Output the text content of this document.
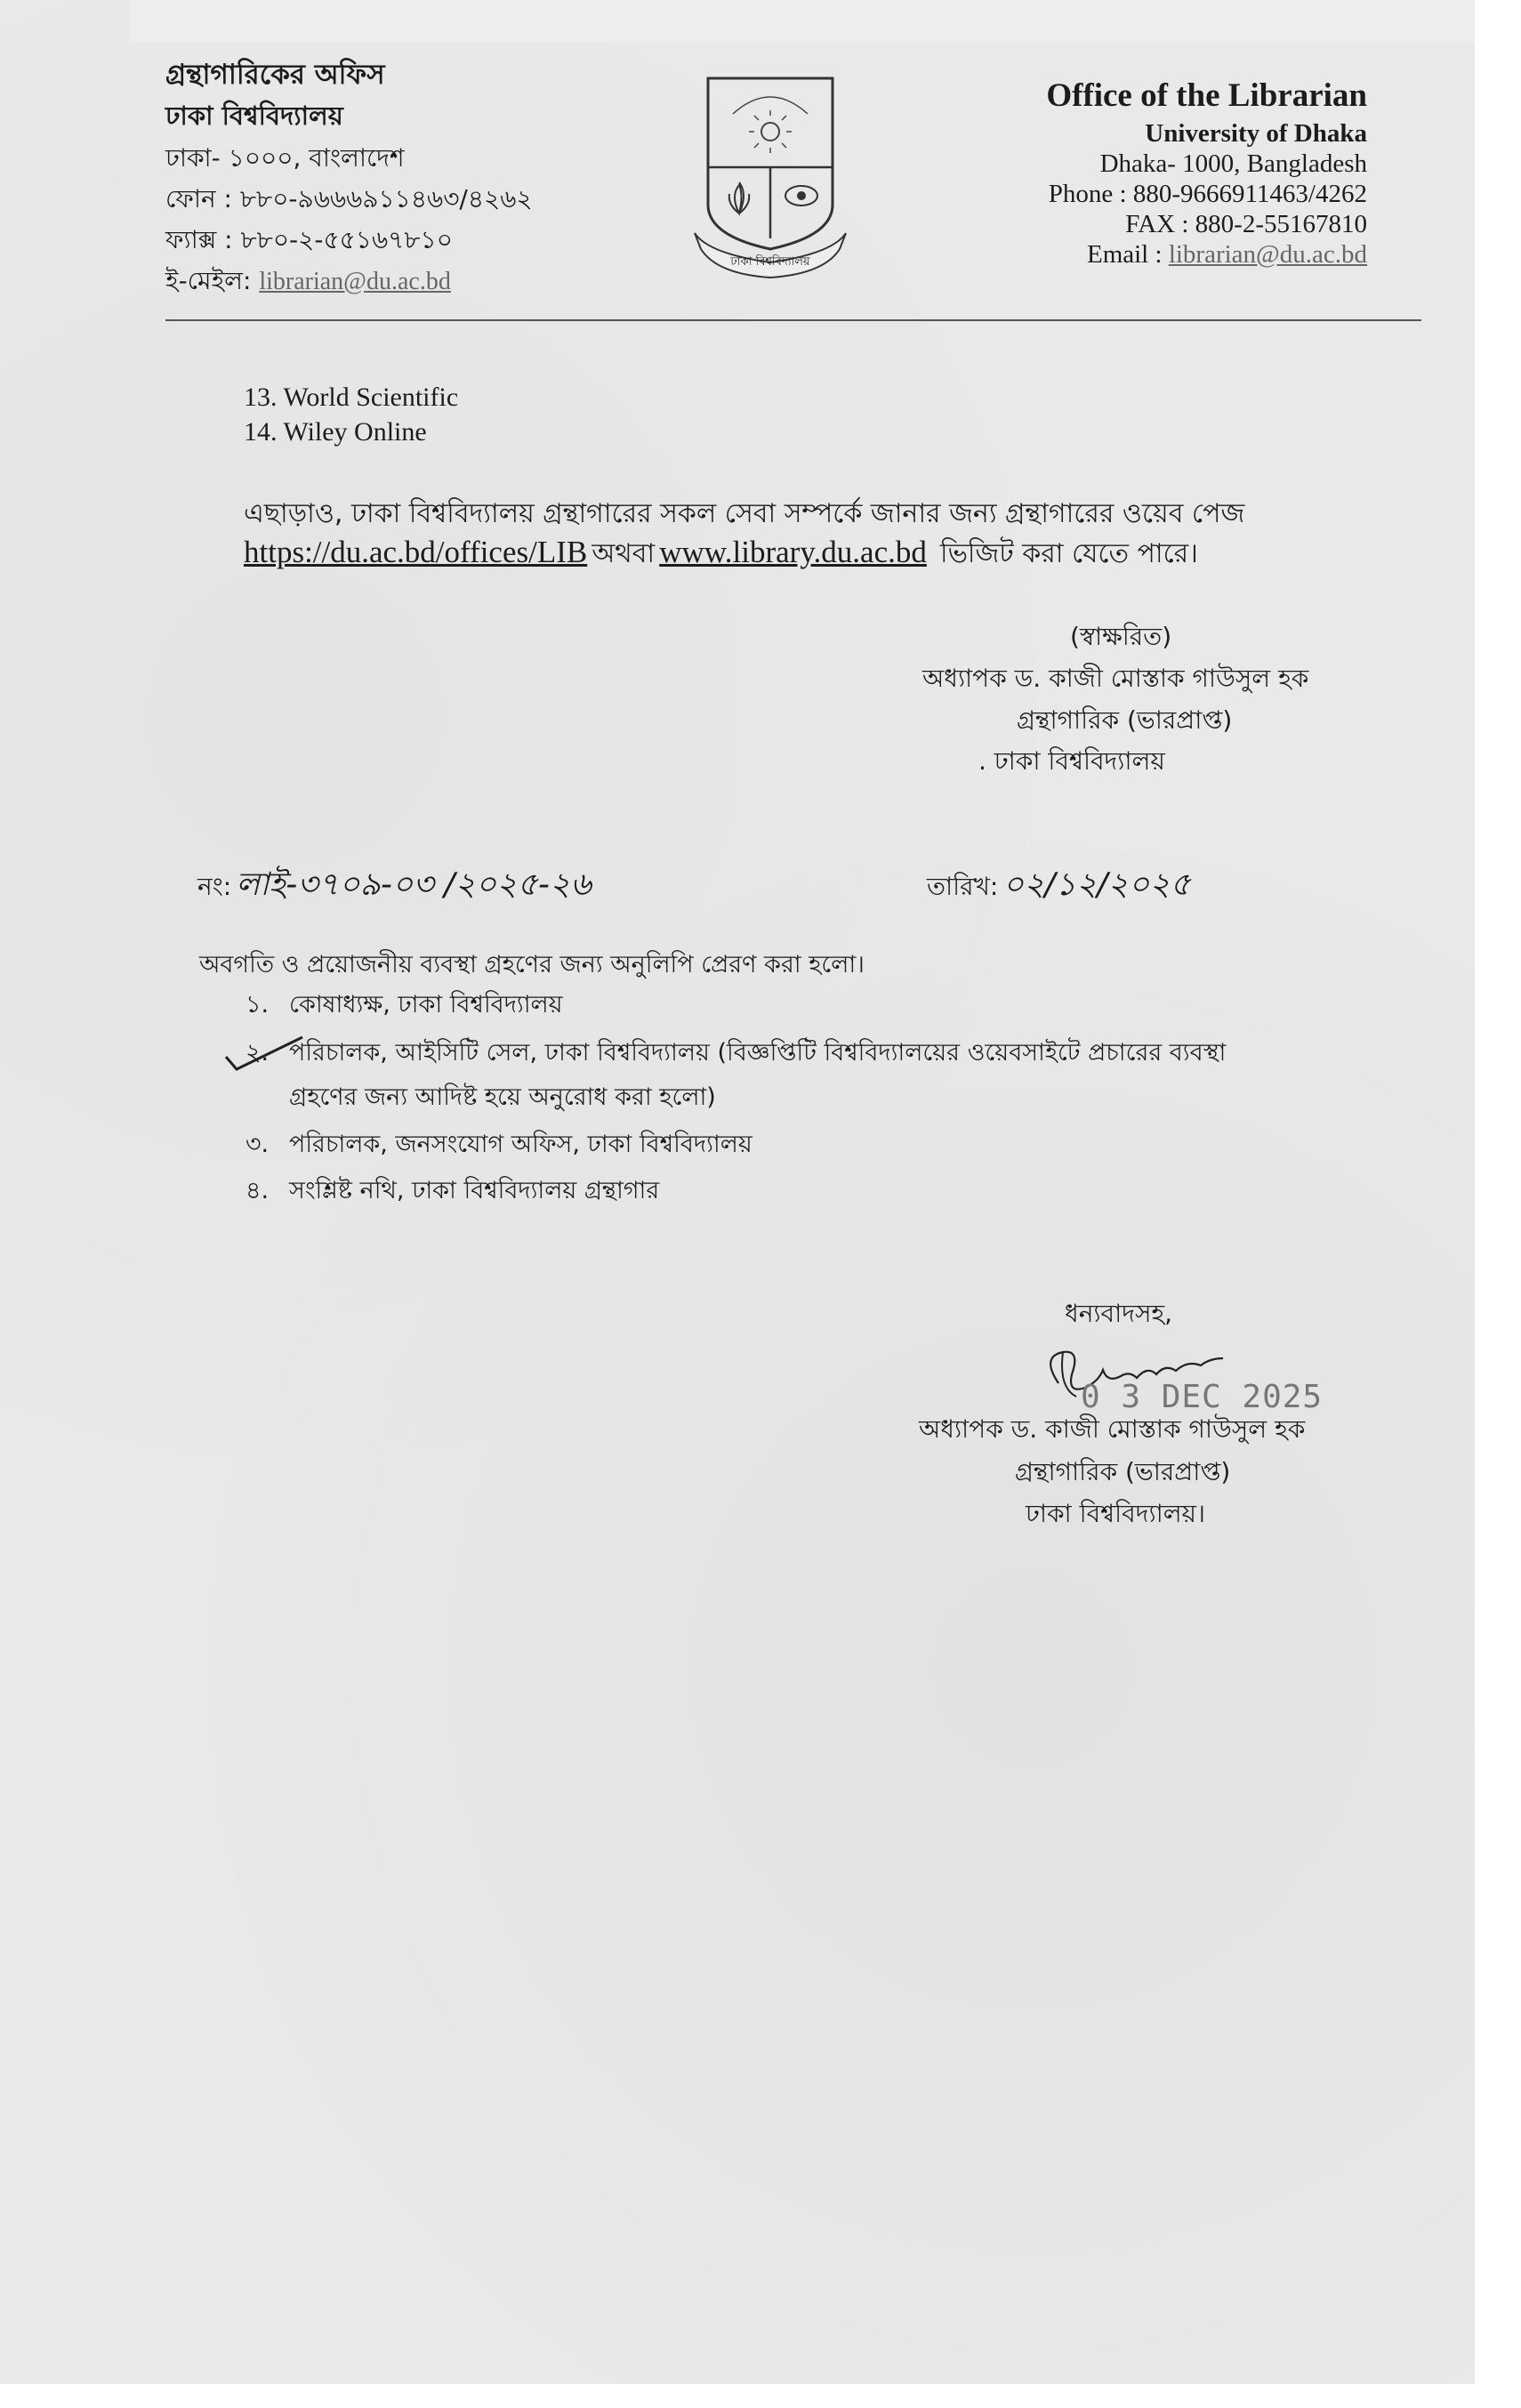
গ্রন্থাগারিকের অফিস
ঢাকা বিশ্ববিদ্যালয়
ঢাকা- ১০০০, বাংলাদেশ
ফোন : ৮৮০-৯৬৬৬৯১১৪৬৩/৪২৬২
ফ্যাক্স : ৮৮০-২-৫৫১৬৭৮১০
ই-মেইল: librarian@du.ac.bd
ঢাকা বিশ্ববিদ্যালয়
Office of the Librarian
University of Dhaka
Dhaka- 1000, Bangladesh
Phone : 880-9666911463/4262
FAX : 880-2-55167810
Email : librarian@du.ac.bd
13. World Scientific
14. Wiley Online
এছাড়াও, ঢাকা বিশ্ববিদ্যালয় গ্রন্থাগারের সকল সেবা সম্পর্কে জানার জন্য গ্রন্থাগারের ওয়েব পেজ
https://du.ac.bd/offices/LIB অথবা www.library.du.ac.bd ভিজিট করা যেতে পারে।
(স্বাক্ষরিত)
অধ্যাপক ড. কাজী মোস্তাক গাউসুল হক
গ্রন্থাগারিক (ভারপ্রাপ্ত)
. ঢাকা বিশ্ববিদ্যালয়
নং: লাই-৩৭০৯-০৩ /২০২৫-২৬	তারিখ: ০২/১২/২০২৫
অবগতি ও প্রয়োজনীয় ব্যবস্থা গ্রহণের জন্য অনুলিপি প্রেরণ করা হলো।
১. কোষাধ্যক্ষ, ঢাকা বিশ্ববিদ্যালয়
২. পরিচালক, আইসিটি সেল, ঢাকা বিশ্ববিদ্যালয় (বিজ্ঞপ্তিটি বিশ্ববিদ্যালয়ের ওয়েবসাইটে প্রচারের ব্যবস্থা
গ্রহণের জন্য আদিষ্ট হয়ে অনুরোধ করা হলো)
৩. পরিচালক, জনসংযোগ অফিস, ঢাকা বিশ্ববিদ্যালয়
৪. সংশ্লিষ্ট নথি, ঢাকা বিশ্ববিদ্যালয় গ্রন্থাগার
ধন্যবাদসহ,
0 3 DEC 2025
অধ্যাপক ড. কাজী মোস্তাক গাউসুল হক
গ্রন্থাগারিক (ভারপ্রাপ্ত)
ঢাকা বিশ্ববিদ্যালয়।
